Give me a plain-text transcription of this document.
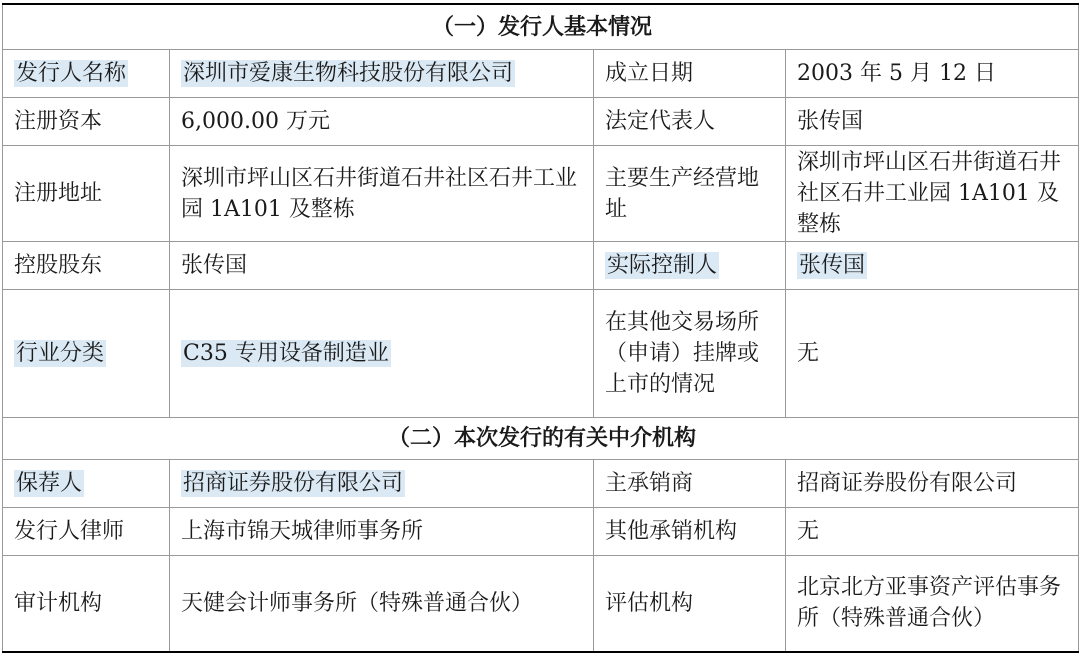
（一）发行人基本情况			
发行人名称	深圳市爱康生物科技股份有限公司	成立日期	2003 年 5 月 12 日
注册资本	6,000.00 万元	法定代表人	张传国
注册地址	深圳市坪山区石井街道石井社区石井工业园 1A101 及整栋	主要生产经营地址	深圳市坪山区石井街道石井社区石井工业园 1A101 及整栋
控股股东	张传国	实际控制人	张传国
行业分类	C35 专用设备制造业	在其他交易场所（申请）挂牌或上市的情况	无
（二）本次发行的有关中介机构			
保荐人	招商证券股份有限公司	主承销商	招商证券股份有限公司
发行人律师	上海市锦天城律师事务所	其他承销机构	无
审计机构	天健会计师事务所（特殊普通合伙）	评估机构	北京北方亚事资产评估事务所（特殊普通合伙）
